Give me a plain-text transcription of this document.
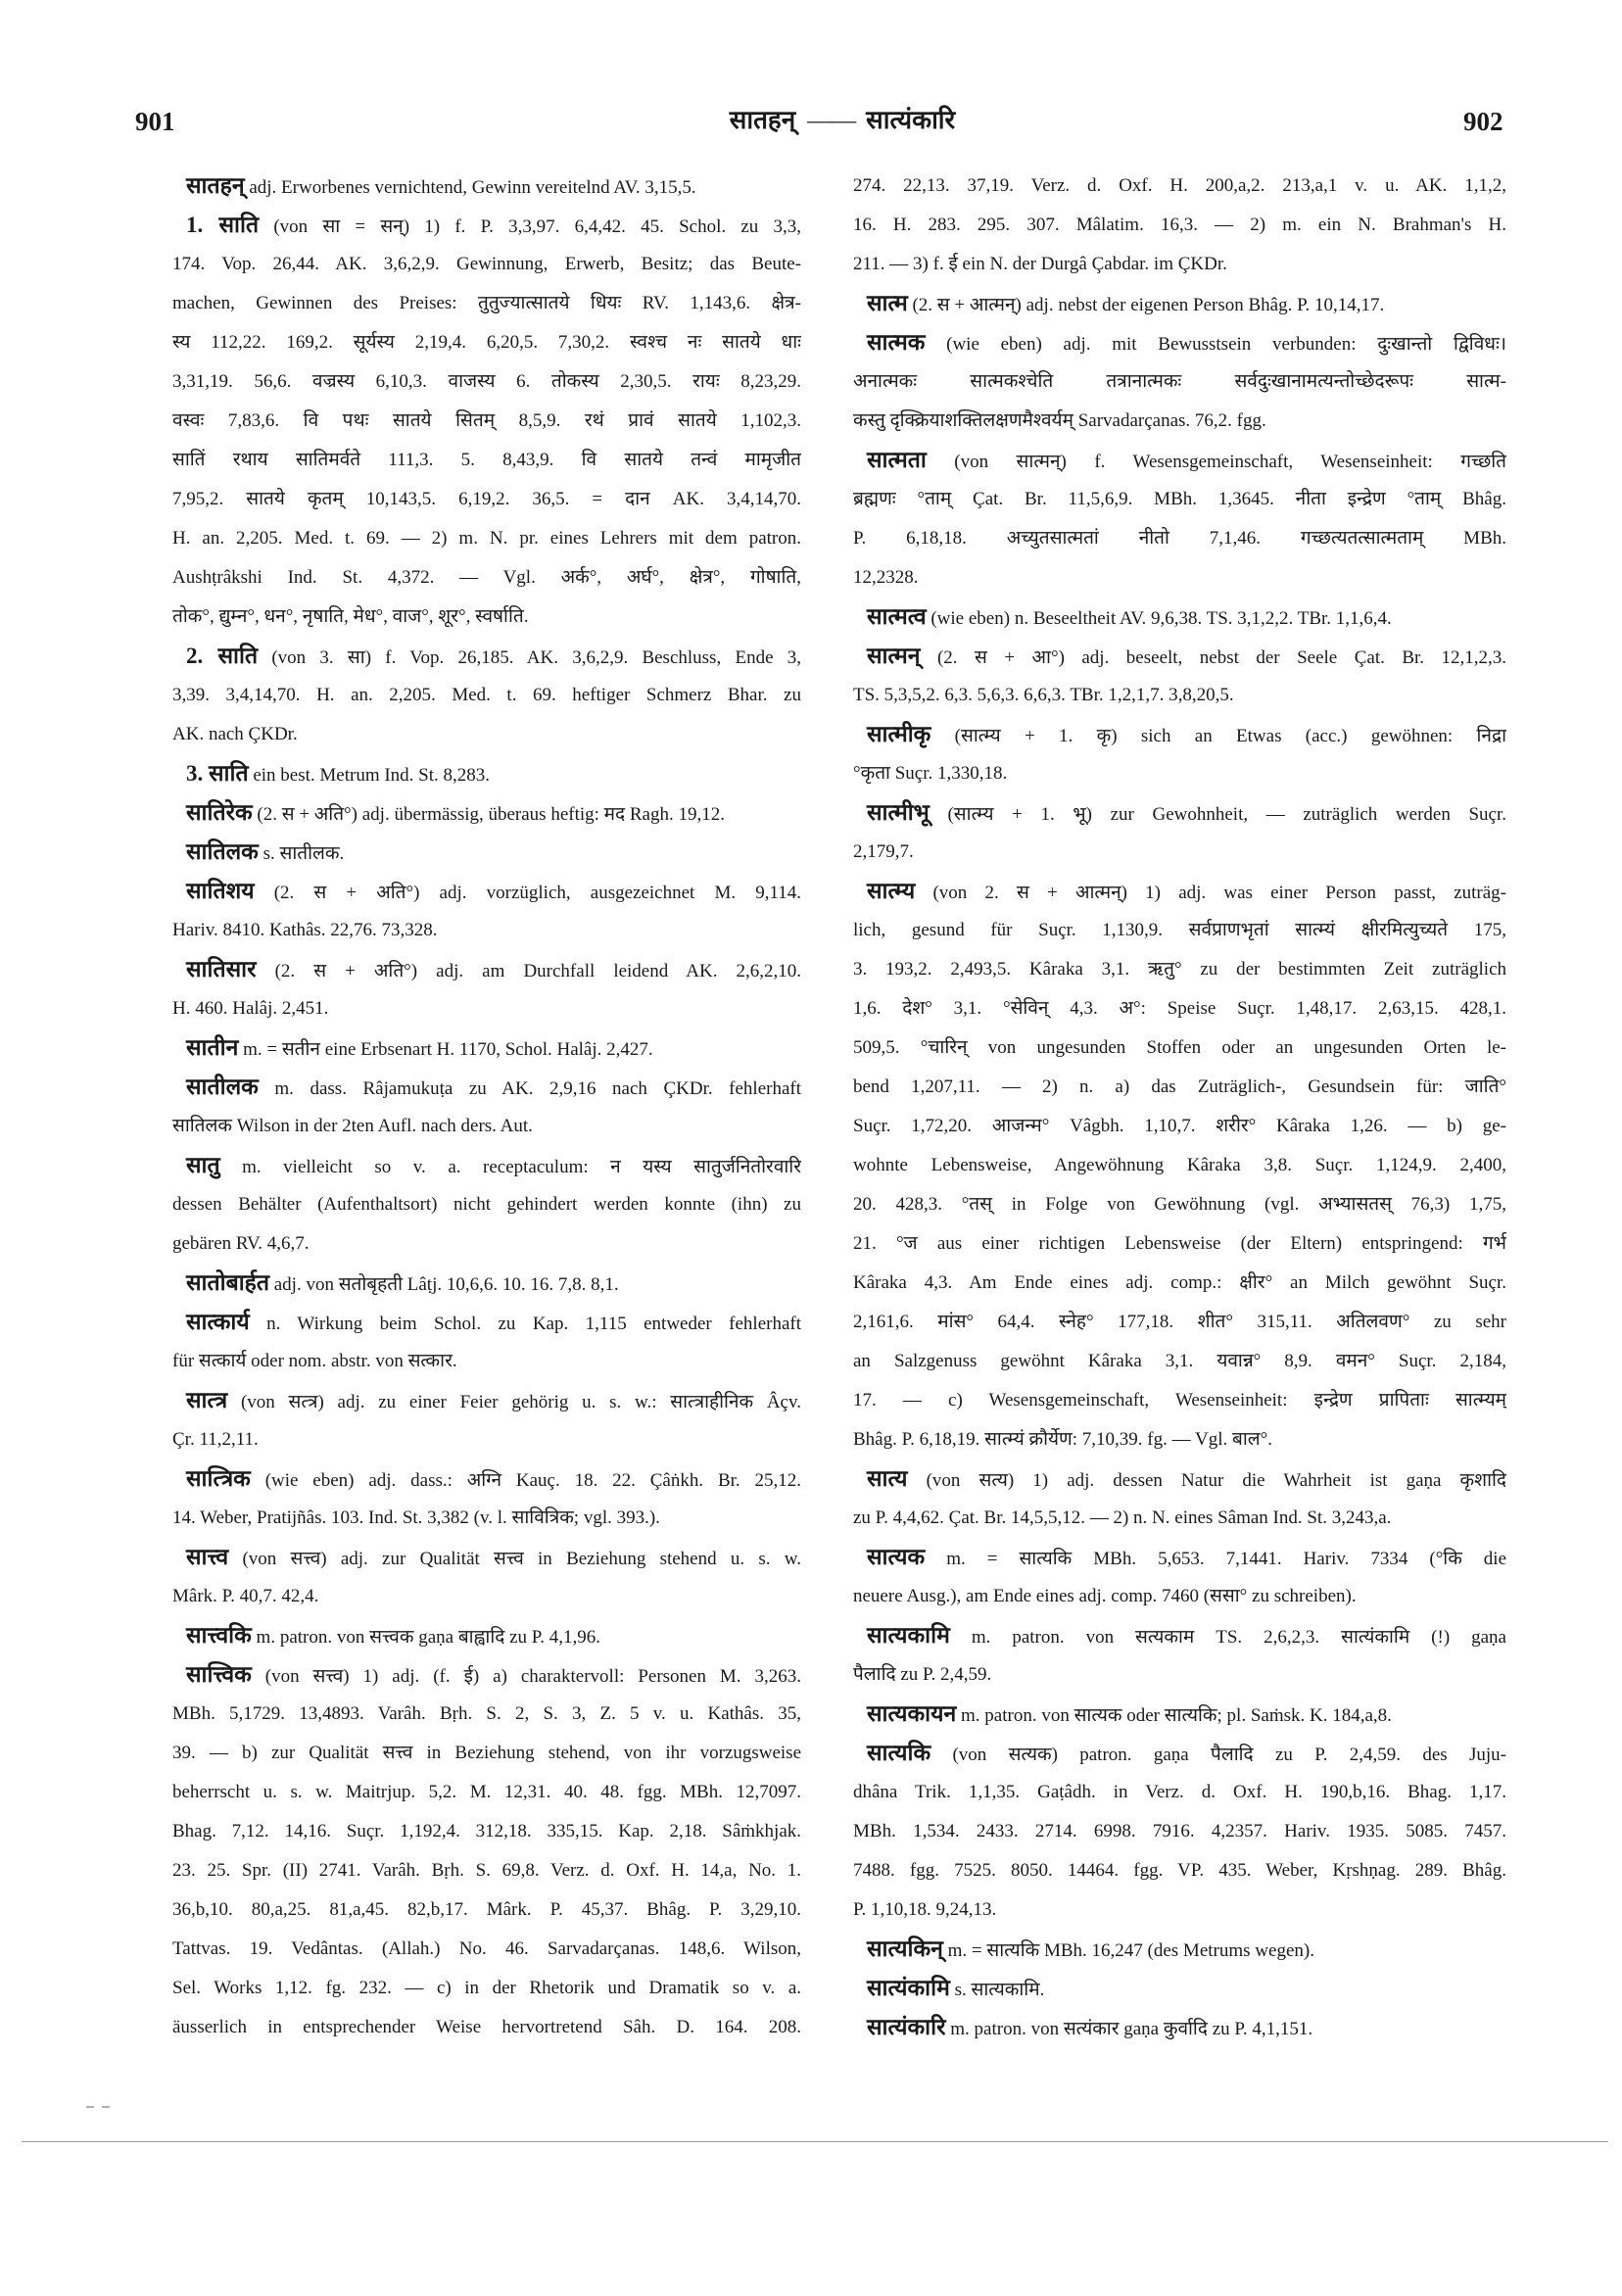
901	सातहन् —— सात्यंकारि	902
सातहन् adj. Erworbenes vernichtend, Gewinn vereitelnd AV. 3,15,5.
1. साति (von सा = सन्) 1) f. P. 3,3,97. 6,4,42. 45. Schol. zu 3,3,
174. Vop. 26,44. AK. 3,6,2,9. Gewinnung, Erwerb, Besitz; das Beute-
machen, Gewinnen des Preises: तुतुज्यात्सातये धियः RV. 1,143,6. क्षेत्र-
स्य 112,22. 169,2. सूर्यस्य 2,19,4. 6,20,5. 7,30,2. स्वश्च नः सातये धाः
3,31,19. 56,6. वज्रस्य 6,10,3. वाजस्य 6. तोकस्य 2,30,5. रायः 8,23,29.
वस्वः 7,83,6. वि पथः सातये सितम् 8,5,9. रथं प्रावं सातये 1,102,3.
सातिं रथाय सातिमर्वते 111,3. 5. 8,43,9. वि सातये तन्वं मामृजीत
7,95,2. सातये कृतम् 10,143,5. 6,19,2. 36,5. = दान AK. 3,4,14,70.
H. an. 2,205. Med. t. 69. — 2) m. N. pr. eines Lehrers mit dem patron.
Aushṭrâkshi Ind. St. 4,372. — Vgl. अर्क°, अर्घ°, क्षेत्र°, गोषाति,
तोक°, द्युम्न°, धन°, नृषाति, मेध°, वाज°, शूर°, स्वर्षाति.
2. साति (von 3. सा) f. Vop. 26,185. AK. 3,6,2,9. Beschluss, Ende 3,
3,39. 3,4,14,70. H. an. 2,205. Med. t. 69. heftiger Schmerz Bhar. zu
AK. nach ÇKDr.
3. साति ein best. Metrum Ind. St. 8,283.
सातिरेक (2. स + अति°) adj. übermässig, überaus heftig: मद Ragh. 19,12.
सातिलक s. सातीलक.
सातिशय (2. स + अति°) adj. vorzüglich, ausgezeichnet M. 9,114.
Hariv. 8410. Kathâs. 22,76. 73,328.
सातिसार (2. स + अति°) adj. am Durchfall leidend AK. 2,6,2,10.
H. 460. Halâj. 2,451.
सातीन m. = सतीन eine Erbsenart H. 1170, Schol. Halâj. 2,427.
सातीलक m. dass. Râjamukuṭa zu AK. 2,9,16 nach ÇKDr. fehlerhaft
सातिलक Wilson in der 2ten Aufl. nach ders. Aut.
सातु m. vielleicht so v. a. receptaculum: न यस्य सातुर्जनितोरवारि
dessen Behälter (Aufenthaltsort) nicht gehindert werden konnte (ihn) zu
gebären RV. 4,6,7.
सातोबार्हत adj. von सतोबृहती Lâṭj. 10,6,6. 10. 16. 7,8. 8,1.
सात्कार्य n. Wirkung beim Schol. zu Kap. 1,115 entweder fehlerhaft
für सत्कार्य oder nom. abstr. von सत्कार.
सात्त्र (von सत्त्र) adj. zu einer Feier gehörig u. s. w.: सात्त्राहीनिक Âçv.
Çr. 11,2,11.
सात्त्रिक (wie eben) adj. dass.: अग्नि Kauç. 18. 22. Çâṅkh. Br. 25,12.
14. Weber, Pratijñâs. 103. Ind. St. 3,382 (v. l. सावित्रिक; vgl. 393.).
सात्त्व (von सत्त्व) adj. zur Qualität सत्त्व in Beziehung stehend u. s. w.
Mârk. P. 40,7. 42,4.
सात्त्वकि m. patron. von सत्त्वक gaṇa बाह्वादि zu P. 4,1,96.
सात्त्विक (von सत्त्व) 1) adj. (f. ई) a) charaktervoll: Personen M. 3,263.
MBh. 5,1729. 13,4893. Varâh. Bṛh. S. 2, S. 3, Z. 5 v. u. Kathâs. 35,
39. — b) zur Qualität सत्त्व in Beziehung stehend, von ihr vorzugsweise
beherrscht u. s. w. Maitrjup. 5,2. M. 12,31. 40. 48. fgg. MBh. 12,7097.
Bhag. 7,12. 14,16. Suçr. 1,192,4. 312,18. 335,15. Kap. 2,18. Sâṁkhjak.
23. 25. Spr. (II) 2741. Varâh. Bṛh. S. 69,8. Verz. d. Oxf. H. 14,a, No. 1.
36,b,10. 80,a,25. 81,a,45. 82,b,17. Mârk. P. 45,37. Bhâg. P. 3,29,10.
Tattvas. 19. Vedântas. (Allah.) No. 46. Sarvadarçanas. 148,6. Wilson,
Sel. Works 1,12. fg. 232. — c) in der Rhetorik und Dramatik so v. a.
äusserlich in entsprechender Weise hervortretend Sâh. D. 164. 208.
274. 22,13. 37,19. Verz. d. Oxf. H. 200,a,2. 213,a,1 v. u. AK. 1,1,2,
16. H. 283. 295. 307. Mâlatim. 16,3. — 2) m. ein N. Brahman's H.
211. — 3) f. ई ein N. der Durgâ Çabdar. im ÇKDr.
सात्म (2. स + आत्मन्) adj. nebst der eigenen Person Bhâg. P. 10,14,17.
सात्मक (wie eben) adj. mit Bewusstsein verbunden: दुःखान्तो द्विविधः।
अनात्मकः सात्मकश्चेति तत्रानात्मकः सर्वदुःखानामत्यन्तोच्छेदरूपः सात्म-
कस्तु दृक्क्रियाशक्तिलक्षणमैश्वर्यम् Sarvadarçanas. 76,2. fgg.
सात्मता (von सात्मन्) f. Wesensgemeinschaft, Wesenseinheit: गच्छति
ब्रह्मणः °ताम् Çat. Br. 11,5,6,9. MBh. 1,3645. नीता इन्द्रेण °ताम् Bhâg.
P. 6,18,18. अच्युतसात्मतां नीतो 7,1,46. गच्छत्यतत्सात्मताम् MBh.
12,2328.
सात्मत्व (wie eben) n. Beseeltheit AV. 9,6,38. TS. 3,1,2,2. TBr. 1,1,6,4.
सात्मन् (2. स + आ°) adj. beseelt, nebst der Seele Çat. Br. 12,1,2,3.
TS. 5,3,5,2. 6,3. 5,6,3. 6,6,3. TBr. 1,2,1,7. 3,8,20,5.
सात्मीकृ (सात्म्य + 1. कृ) sich an Etwas (acc.) gewöhnen: निद्रा
°कृता Suçr. 1,330,18.
सात्मीभू (सात्म्य + 1. भू) zur Gewohnheit, — zuträglich werden Suçr.
2,179,7.
सात्म्य (von 2. स + आत्मन्) 1) adj. was einer Person passt, zuträg-
lich, gesund für Suçr. 1,130,9. सर्वप्राणभृतां सात्म्यं क्षीरमित्युच्यते 175,
3. 193,2. 2,493,5. Kâraka 3,1. ऋतु° zu der bestimmten Zeit zuträglich
1,6. देश° 3,1. °सेविन् 4,3. अ°: Speise Suçr. 1,48,17. 2,63,15. 428,1.
509,5. °चारिन् von ungesunden Stoffen oder an ungesunden Orten le-
bend 1,207,11. — 2) n. a) das Zuträglich-, Gesundsein für: जाति°
Suçr. 1,72,20. आजन्म° Vâgbh. 1,10,7. शरीर° Kâraka 1,26. — b) ge-
wohnte Lebensweise, Angewöhnung Kâraka 3,8. Suçr. 1,124,9. 2,400,
20. 428,3. °तस् in Folge von Gewöhnung (vgl. अभ्यासतस् 76,3) 1,75,
21. °ज aus einer richtigen Lebensweise (der Eltern) entspringend: गर्भ
Kâraka 4,3. Am Ende eines adj. comp.: क्षीर° an Milch gewöhnt Suçr.
2,161,6. मांस° 64,4. स्नेह° 177,18. शीत° 315,11. अतिलवण° zu sehr
an Salzgenuss gewöhnt Kâraka 3,1. यवान्न° 8,9. वमन° Suçr. 2,184,
17. — c) Wesensgemeinschaft, Wesenseinheit: इन्द्रेण प्रापिताः सात्म्यम्
Bhâg. P. 6,18,19. सात्म्यं क्रौर्येण: 7,10,39. fg. — Vgl. बाल°.
सात्य (von सत्य) 1) adj. dessen Natur die Wahrheit ist gaṇa कृशादि
zu P. 4,4,62. Çat. Br. 14,5,5,12. — 2) n. N. eines Sâman Ind. St. 3,243,a.
सात्यक m. = सात्यकि MBh. 5,653. 7,1441. Hariv. 7334 (°कि die
neuere Ausg.), am Ende eines adj. comp. 7460 (ससा° zu schreiben).
सात्यकामि m. patron. von सत्यकाम TS. 2,6,2,3. सात्यंकामि (!) gaṇa
पैलादि zu P. 2,4,59.
सात्यकायन m. patron. von सात्यक oder सात्यकि; pl. Saṁsk. K. 184,a,8.
सात्यकि (von सत्यक) patron. gaṇa पैलादि zu P. 2,4,59. des Juju-
dhâna Trik. 1,1,35. Gaṭâdh. in Verz. d. Oxf. H. 190,b,16. Bhag. 1,17.
MBh. 1,534. 2433. 2714. 6998. 7916. 4,2357. Hariv. 1935. 5085. 7457.
7488. fgg. 7525. 8050. 14464. fgg. VP. 435. Weber, Kṛshṇag. 289. Bhâg.
P. 1,10,18. 9,24,13.
सात्यकिन् m. = सात्यकि MBh. 16,247 (des Metrums wegen).
सात्यंकामि s. सात्यकामि.
सात्यंकारि m. patron. von सत्यंकार gaṇa कुर्वादि zu P. 4,1,151.
